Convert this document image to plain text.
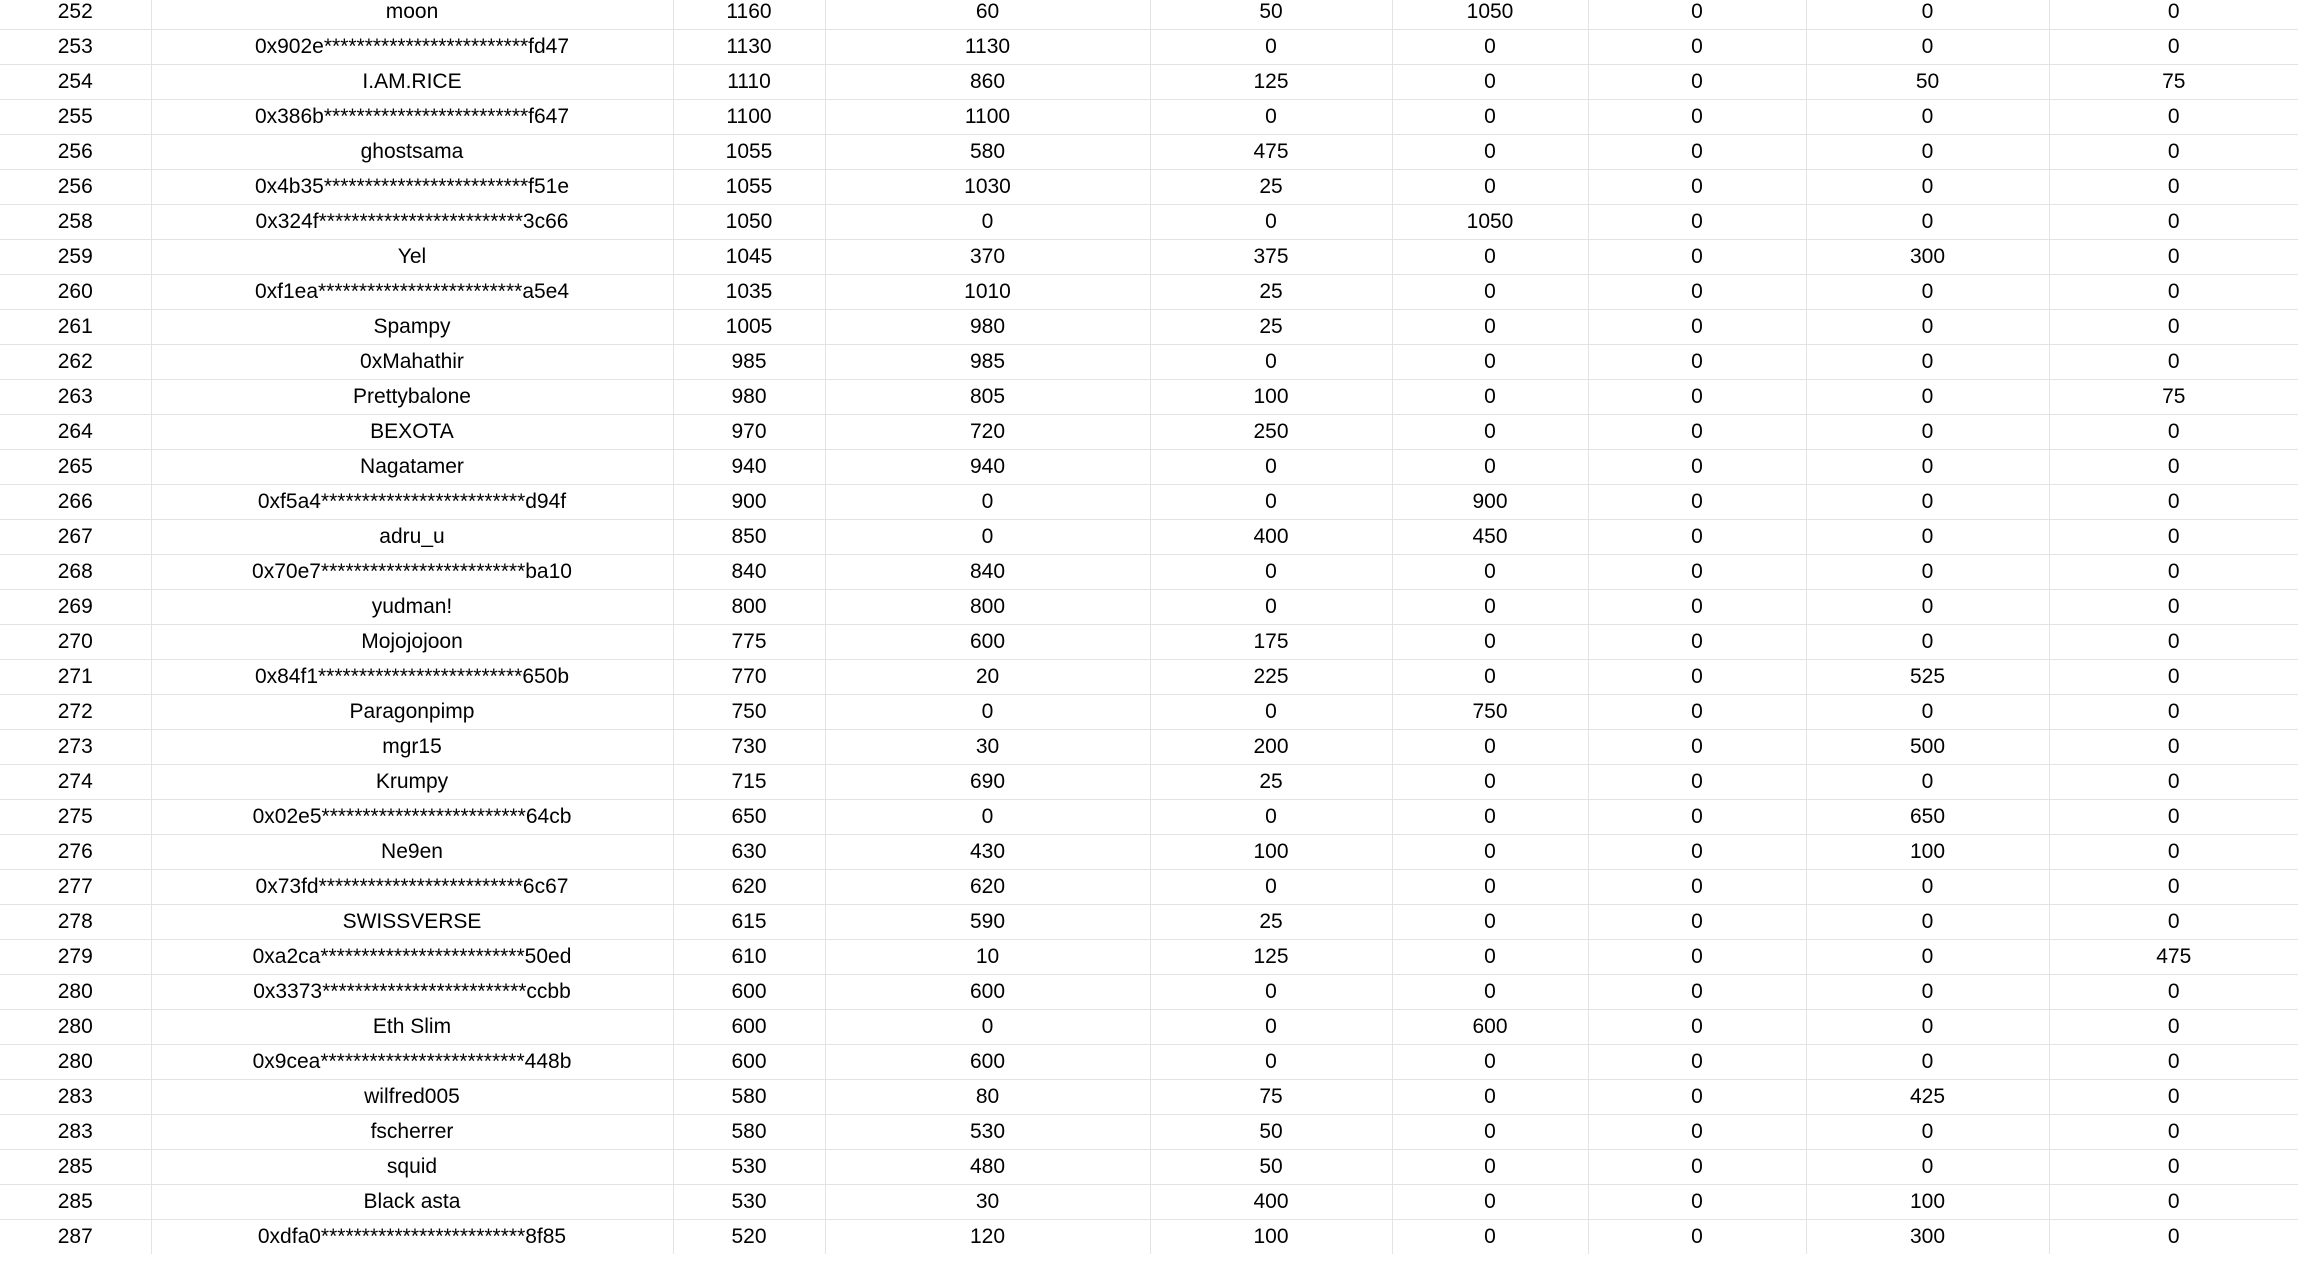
252	moon	1160	60	50	1050	0	0	0
253	0x902e*************************fd47	1130	1130	0	0	0	0	0
254	I.AM.RICE	1110	860	125	0	0	50	75
255	0x386b*************************f647	1100	1100	0	0	0	0	0
256	ghostsama	1055	580	475	0	0	0	0
256	0x4b35*************************f51e	1055	1030	25	0	0	0	0
258	0x324f*************************3c66	1050	0	0	1050	0	0	0
259	Yel	1045	370	375	0	0	300	0
260	0xf1ea*************************a5e4	1035	1010	25	0	0	0	0
261	Spampy	1005	980	25	0	0	0	0
262	0xMahathir	985	985	0	0	0	0	0
263	Prettybalone	980	805	100	0	0	0	75
264	BEXOTA	970	720	250	0	0	0	0
265	Nagatamer	940	940	0	0	0	0	0
266	0xf5a4*************************d94f	900	0	0	900	0	0	0
267	adru_u	850	0	400	450	0	0	0
268	0x70e7*************************ba10	840	840	0	0	0	0	0
269	yudman!	800	800	0	0	0	0	0
270	Mojojojoon	775	600	175	0	0	0	0
271	0x84f1*************************650b	770	20	225	0	0	525	0
272	Paragonpimp	750	0	0	750	0	0	0
273	mgr15	730	30	200	0	0	500	0
274	Krumpy	715	690	25	0	0	0	0
275	0x02e5*************************64cb	650	0	0	0	0	650	0
276	Ne9en	630	430	100	0	0	100	0
277	0x73fd*************************6c67	620	620	0	0	0	0	0
278	SWISSVERSE	615	590	25	0	0	0	0
279	0xa2ca*************************50ed	610	10	125	0	0	0	475
280	0x3373*************************ccbb	600	600	0	0	0	0	0
280	Eth Slim	600	0	0	600	0	0	0
280	0x9cea*************************448b	600	600	0	0	0	0	0
283	wilfred005	580	80	75	0	0	425	0
283	fscherrer	580	530	50	0	0	0	0
285	squid	530	480	50	0	0	0	0
285	Black asta	530	30	400	0	0	100	0
287	0xdfa0*************************8f85	520	120	100	0	0	300	0
